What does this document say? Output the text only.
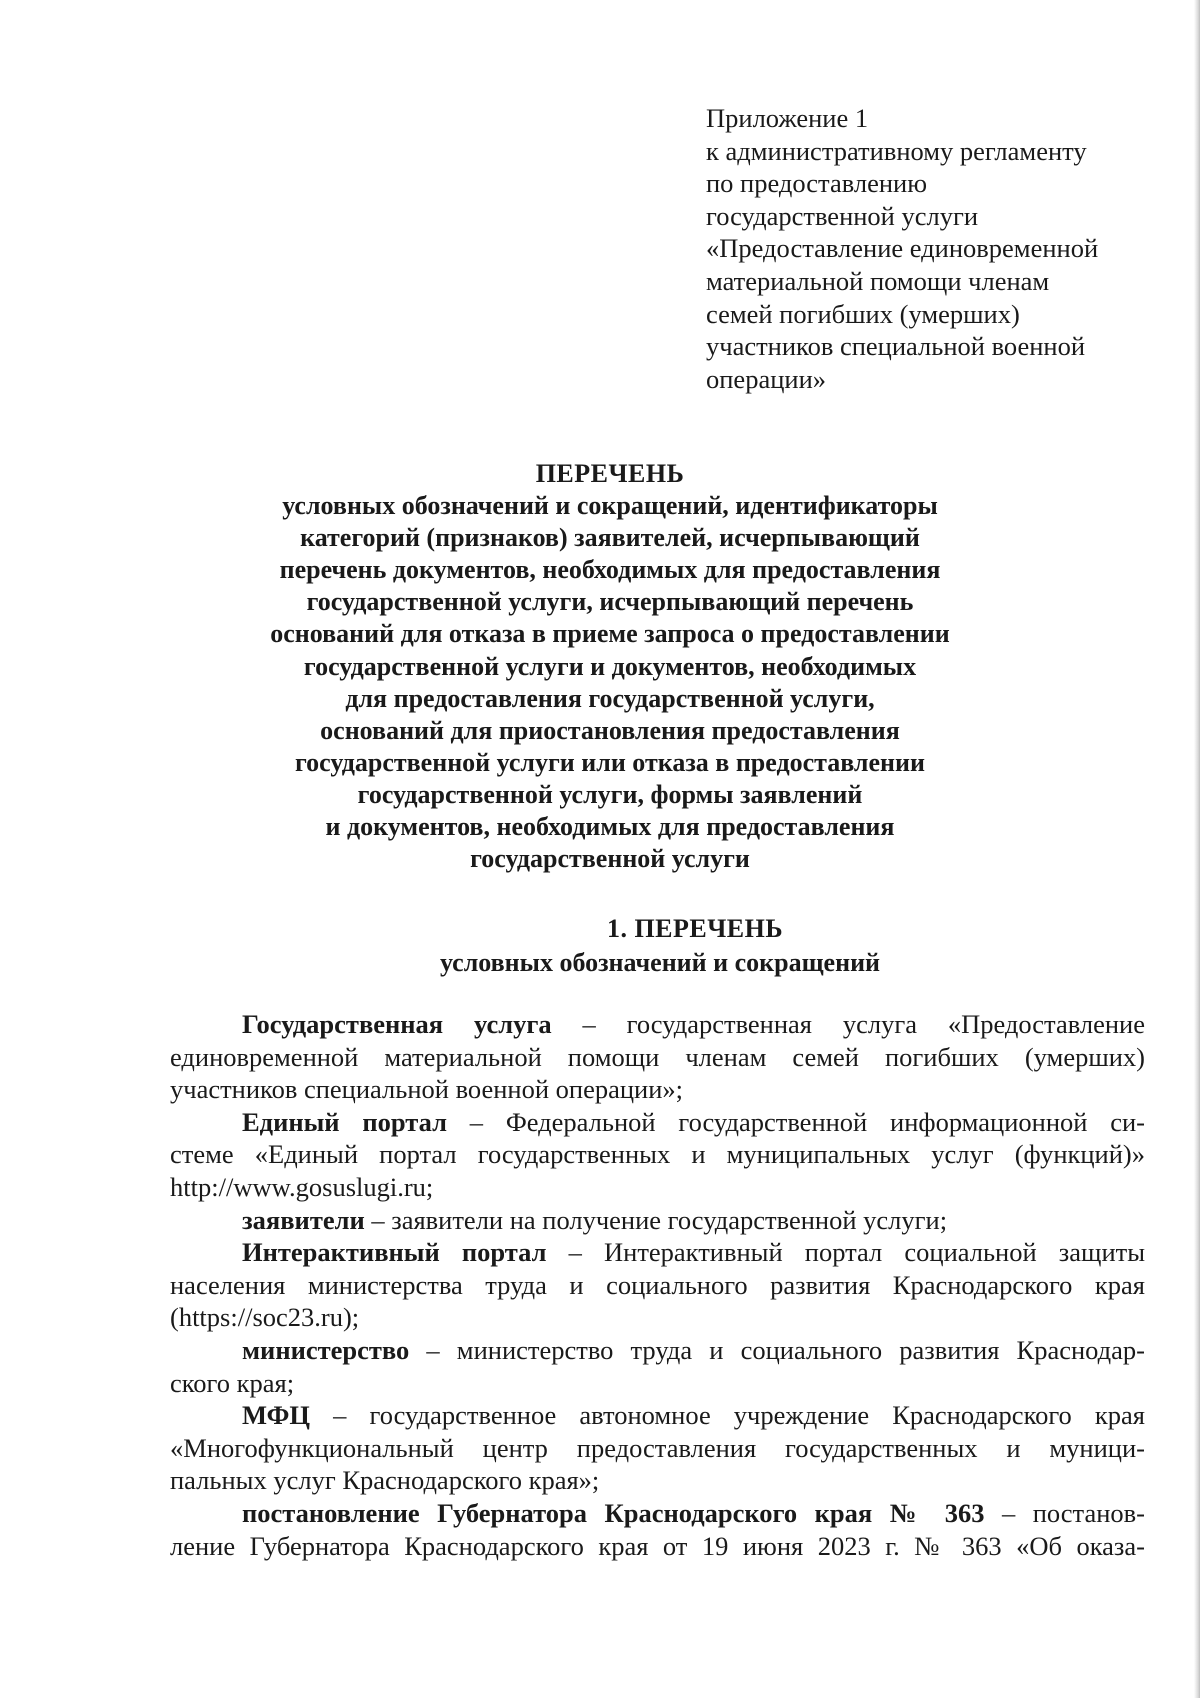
Приложение 1
к административному регламенту
по предоставлению
государственной услуги
«Предоставление единовременной
материальной помощи членам
семей погибших (умерших)
участников специальной военной
операции»
ПЕРЕЧЕНЬ
условных обозначений и сокращений, идентификаторы
категорий (признаков) заявителей, исчерпывающий
перечень документов, необходимых для предоставления
государственной услуги, исчерпывающий перечень
оснований для отказа в приеме запроса о предоставлении
государственной услуги и документов, необходимых
для предоставления государственной услуги,
оснований для приостановления предоставления
государственной услуги или отказа в предоставлении
государственной услуги, формы заявлений
и документов, необходимых для предоставления
государственной услуги
1. ПЕРЕЧЕНЬ
условных обозначений и сокращений
Государственная услуга – государственная услуга «Предоставление
единовременной материальной помощи членам семей погибших (умерших)
участников специальной военной операции»;
Единый портал – Федеральной государственной информационной си-
стеме «Единый портал государственных и муниципальных услуг (функций)»
http://www.gosuslugi.ru;
заявители – заявители на получение государственной услуги;
Интерактивный портал – Интерактивный портал социальной защиты
населения министерства труда и социального развития Краснодарского края
(https://soc23.ru);
министерство – министерство труда и социального развития Краснодар-
ского края;
МФЦ – государственное автономное учреждение Краснодарского края
«Многофункциональный центр предоставления государственных и муници-
пальных услуг Краснодарского края»;
постановление Губернатора Краснодарского края № 363 – постанов-
ление Губернатора Краснодарского края от 19 июня 2023 г. № 363 «Об оказа-
